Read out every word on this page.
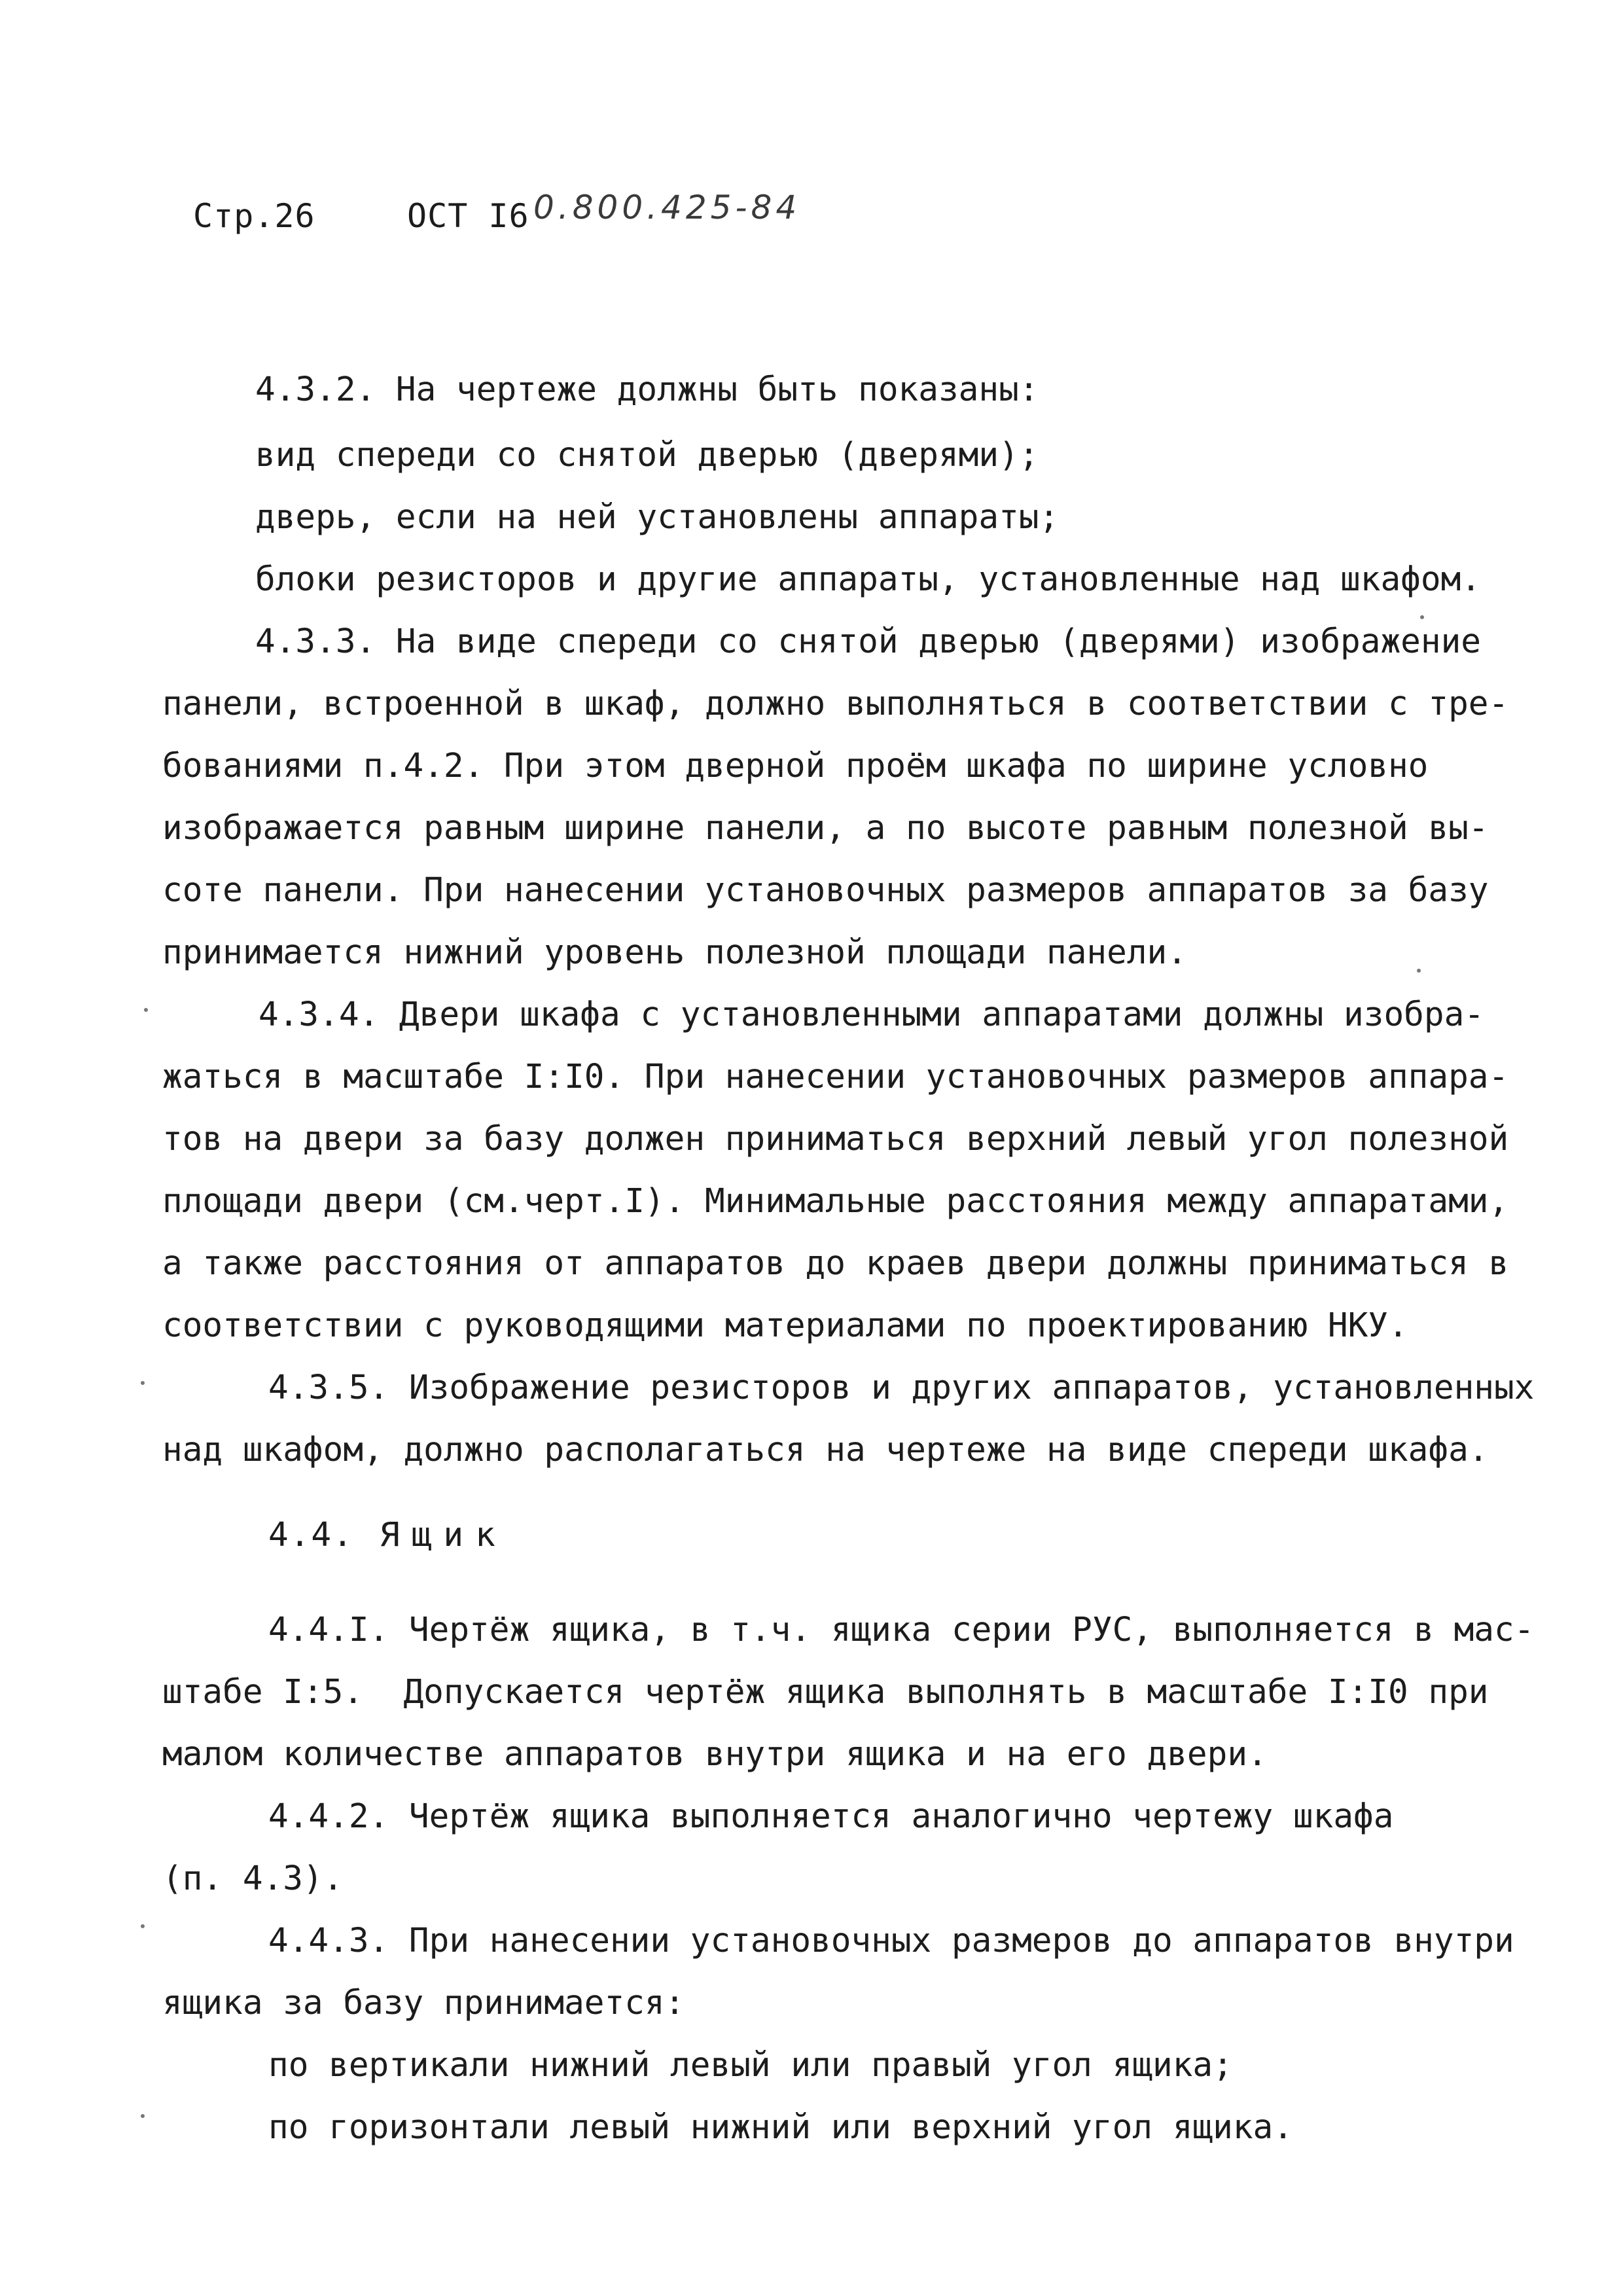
Стр.26	ОСТ I6 0.800.425-84
4.3.2. На чертеже должны быть показаны:
вид спереди со снятой дверью (дверями);
дверь, если на ней установлены аппараты;
блоки резисторов и другие аппараты, установленные над шкафом.
4.3.3. На виде спереди со снятой дверью (дверями) изображение
панели, встроенной в шкаф, должно выполняться в соответствии с тре-
бованиями п.4.2. При этом дверной проём шкафа по ширине условно
изображается равным ширине панели, а по высоте равным полезной вы-
соте панели. При нанесении установочных размеров аппаратов за базу
принимается нижний уровень полезной площади панели.
4.3.4. Двери шкафа с установленными аппаратами должны изобра-
жаться в масштабе I:I0. При нанесении установочных размеров аппара-
тов на двери за базу должен приниматься верхний левый угол полезной
площади двери (см.черт.I). Минимальные расстояния между аппаратами,
а также расстояния от аппаратов до краев двери должны приниматься в
соответствии с руководящими материалами по проектированию НКУ.
4.3.5. Изображение резисторов и других аппаратов, установленных
над шкафом, должно располагаться на чертеже на виде спереди шкафа.
4.4. Ящик
4.4.I. Чертёж ящика, в т.ч. ящика серии РУС, выполняется в мас-
штабе I:5.  Допускается чертёж ящика выполнять в масштабе I:I0 при
малом количестве аппаратов внутри ящика и на его двери.
4.4.2. Чертёж ящика выполняется аналогично чертежу шкафа
(п. 4.3).
4.4.3. При нанесении установочных размеров до аппаратов внутри
ящика за базу принимается:
по вертикали нижний левый или правый угол ящика;
по горизонтали левый нижний или верхний угол ящика.
